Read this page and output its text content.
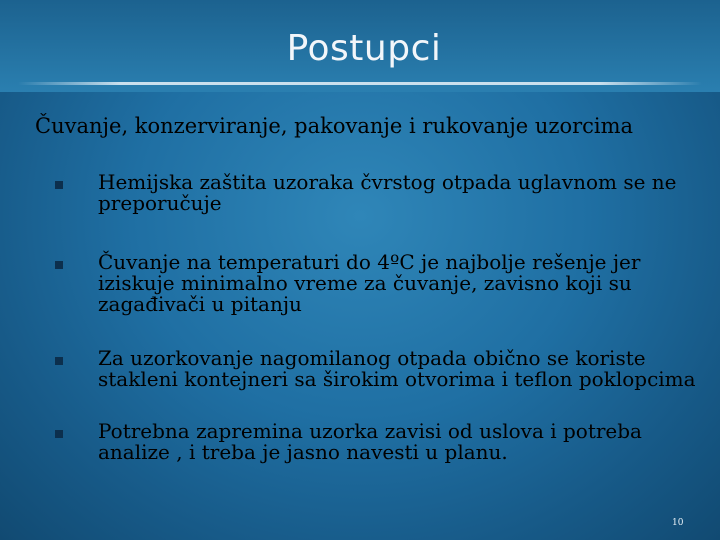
Postupci
Čuvanje, konzerviranje, pakovanje i rukovanje uzorcima
Hemijska zaštita uzoraka čvrstog otpada uglavnom se ne preporučuje
Čuvanje na temperaturi do 4ºC je najbolje rešenje jer iziskuje minimalno vreme za čuvanje, zavisno koji su zagađivači u pitanju
Za uzorkovanje nagomilanog otpada obično se koriste stakleni kontejneri sa širokim otvorima i teflon poklopcima
Potrebna zapremina uzorka zavisi od uslova i potreba analize , i treba je jasno navesti u planu.
10
